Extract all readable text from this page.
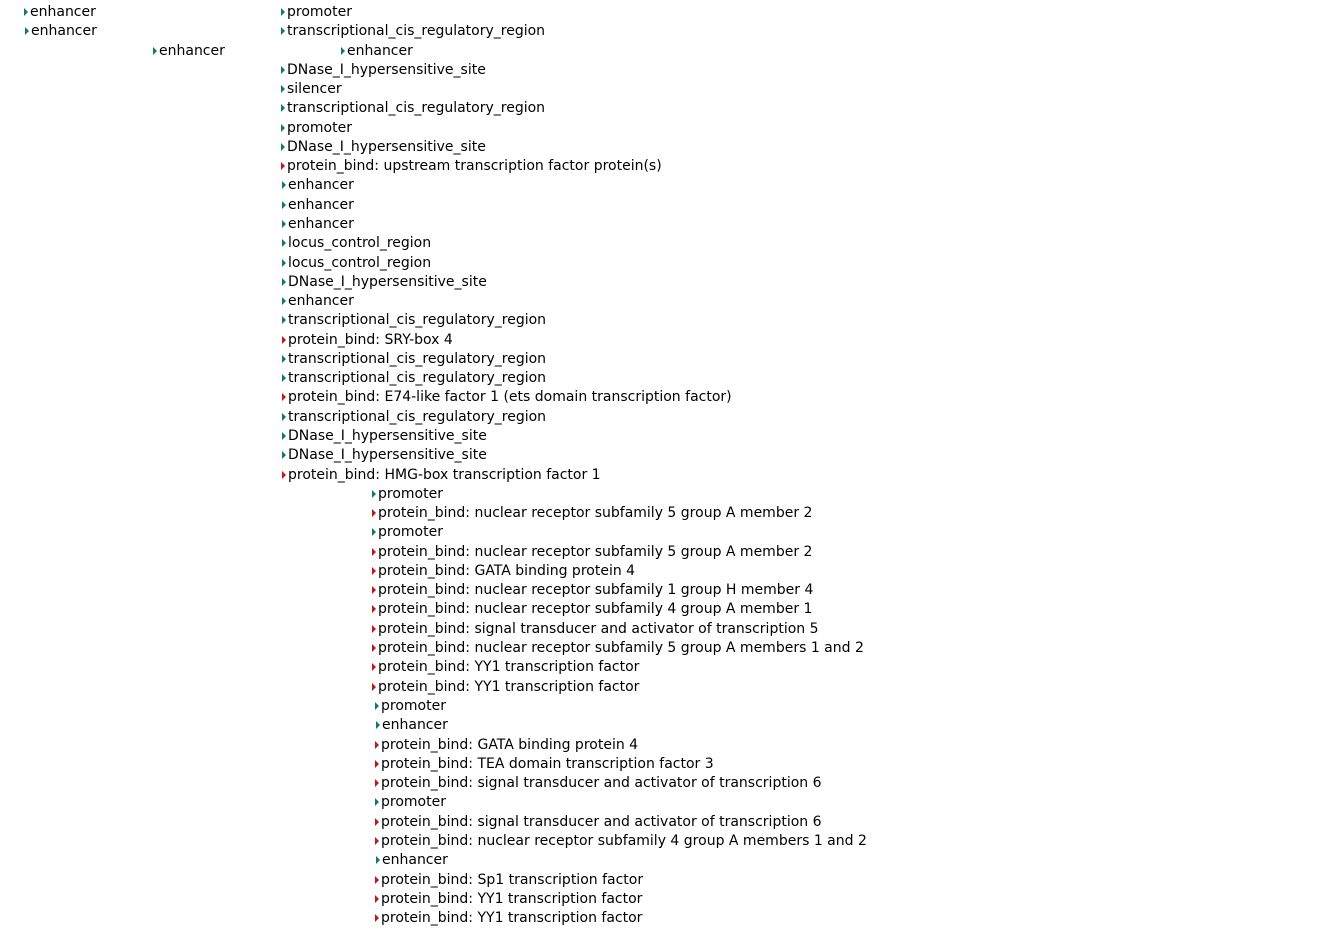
enhancer
enhancer
enhancer
promoter
transcriptional_cis_regulatory_region
enhancer
DNase_I_hypersensitive_site
silencer
transcriptional_cis_regulatory_region
promoter
DNase_I_hypersensitive_site
protein_bind: upstream transcription factor protein(s)
enhancer
enhancer
enhancer
locus_control_region
locus_control_region
DNase_I_hypersensitive_site
enhancer
transcriptional_cis_regulatory_region
protein_bind: SRY-box 4
transcriptional_cis_regulatory_region
transcriptional_cis_regulatory_region
protein_bind: E74-like factor 1 (ets domain transcription factor)
transcriptional_cis_regulatory_region
DNase_I_hypersensitive_site
DNase_I_hypersensitive_site
protein_bind: HMG-box transcription factor 1
promoter
protein_bind: nuclear receptor subfamily 5 group A member 2
promoter
protein_bind: nuclear receptor subfamily 5 group A member 2
protein_bind: GATA binding protein 4
protein_bind: nuclear receptor subfamily 1 group H member 4
protein_bind: nuclear receptor subfamily 4 group A member 1
protein_bind: signal transducer and activator of transcription 5
protein_bind: nuclear receptor subfamily 5 group A members 1 and 2
protein_bind: YY1 transcription factor
protein_bind: YY1 transcription factor
promoter
enhancer
protein_bind: GATA binding protein 4
protein_bind: TEA domain transcription factor 3
protein_bind: signal transducer and activator of transcription 6
promoter
protein_bind: signal transducer and activator of transcription 6
protein_bind: nuclear receptor subfamily 4 group A members 1 and 2
enhancer
protein_bind: Sp1 transcription factor
protein_bind: YY1 transcription factor
protein_bind: YY1 transcription factor
